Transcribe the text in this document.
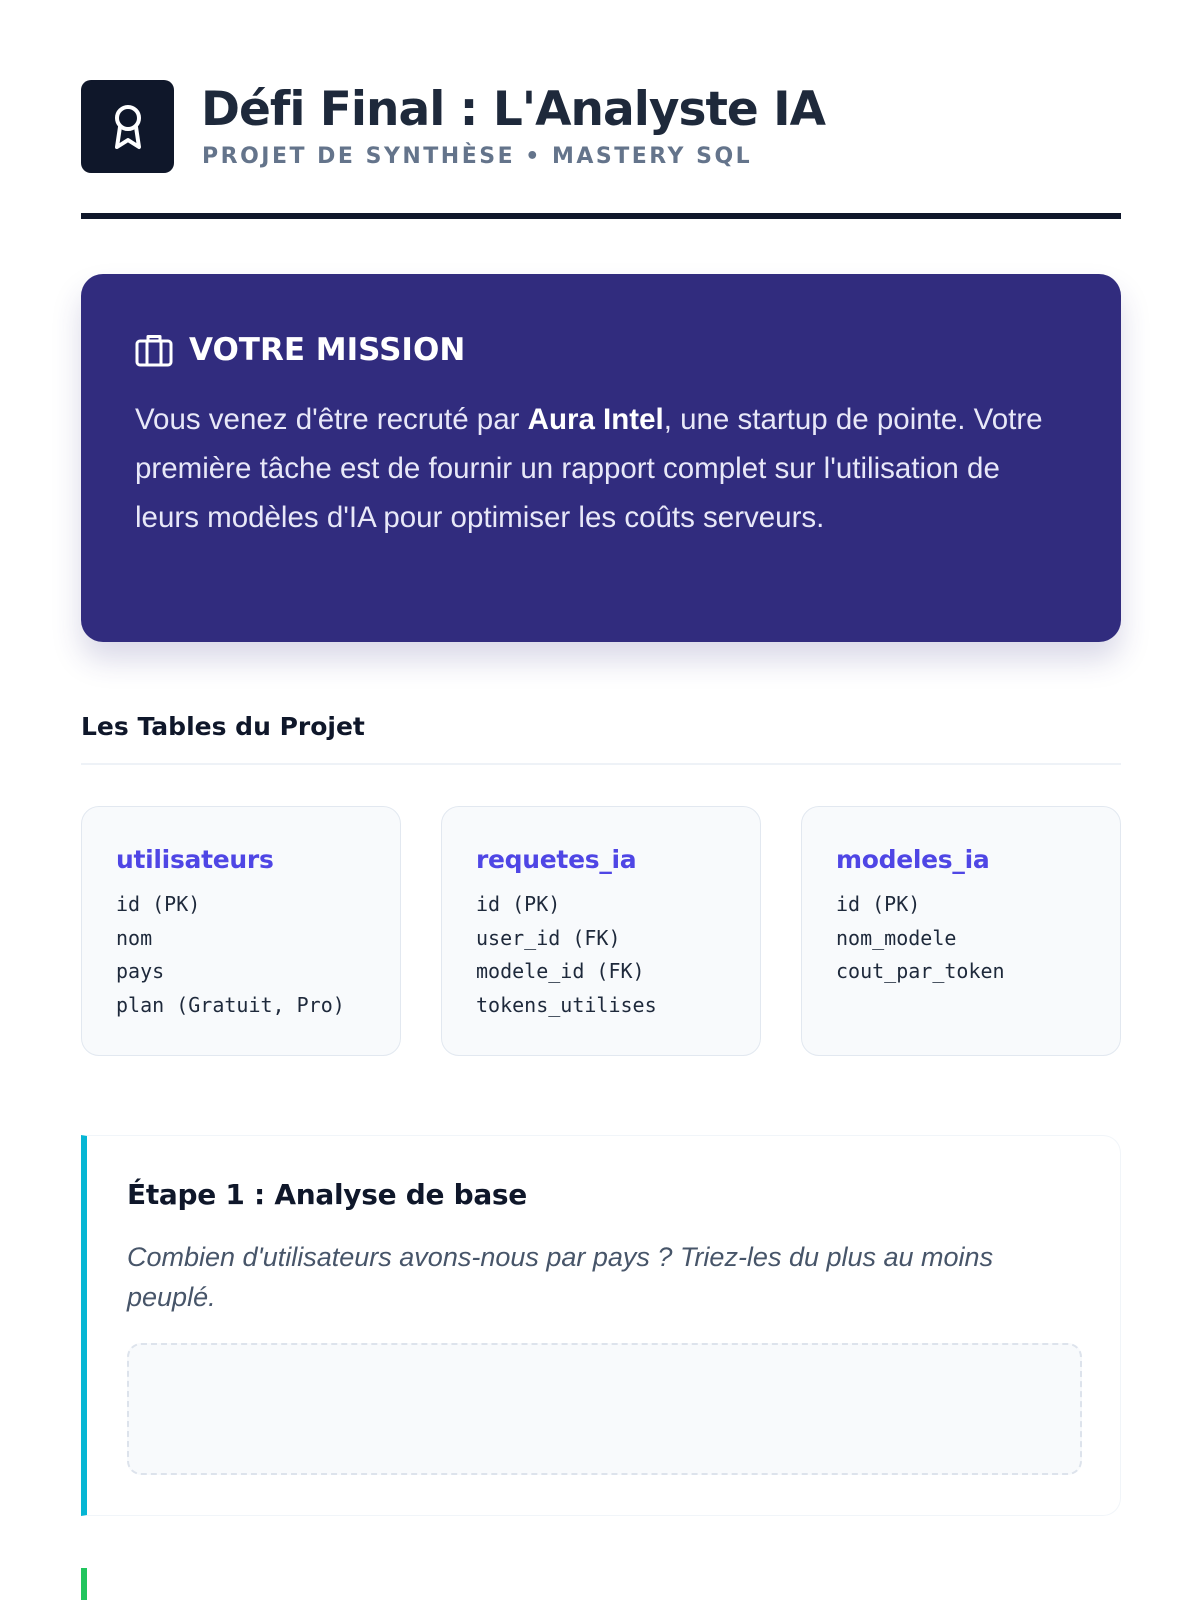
Défi Final : L'Analyste IA
PROJET DE SYNTHÈSE • MASTERY SQL
VOTRE MISSION

Vous venez d'être recruté par Aura Intel, une startup de pointe. Votre première tâche est de fournir un rapport complet sur l'utilisation de leurs modèles d'IA pour optimiser les coûts serveurs.

Les Tables du Projet
utilisateurs
id (PK)
nom
pays
plan (Gratuit, Pro)
requetes_ia
id (PK)
user_id (FK)
modele_id (FK)
tokens_utilises
modeles_ia
id (PK)
nom_modele
cout_par_token
Étape 1 : Analyse de base

Combien d'utilisateurs avons-nous par pays ? Triez-les du plus au moins peuplé.
